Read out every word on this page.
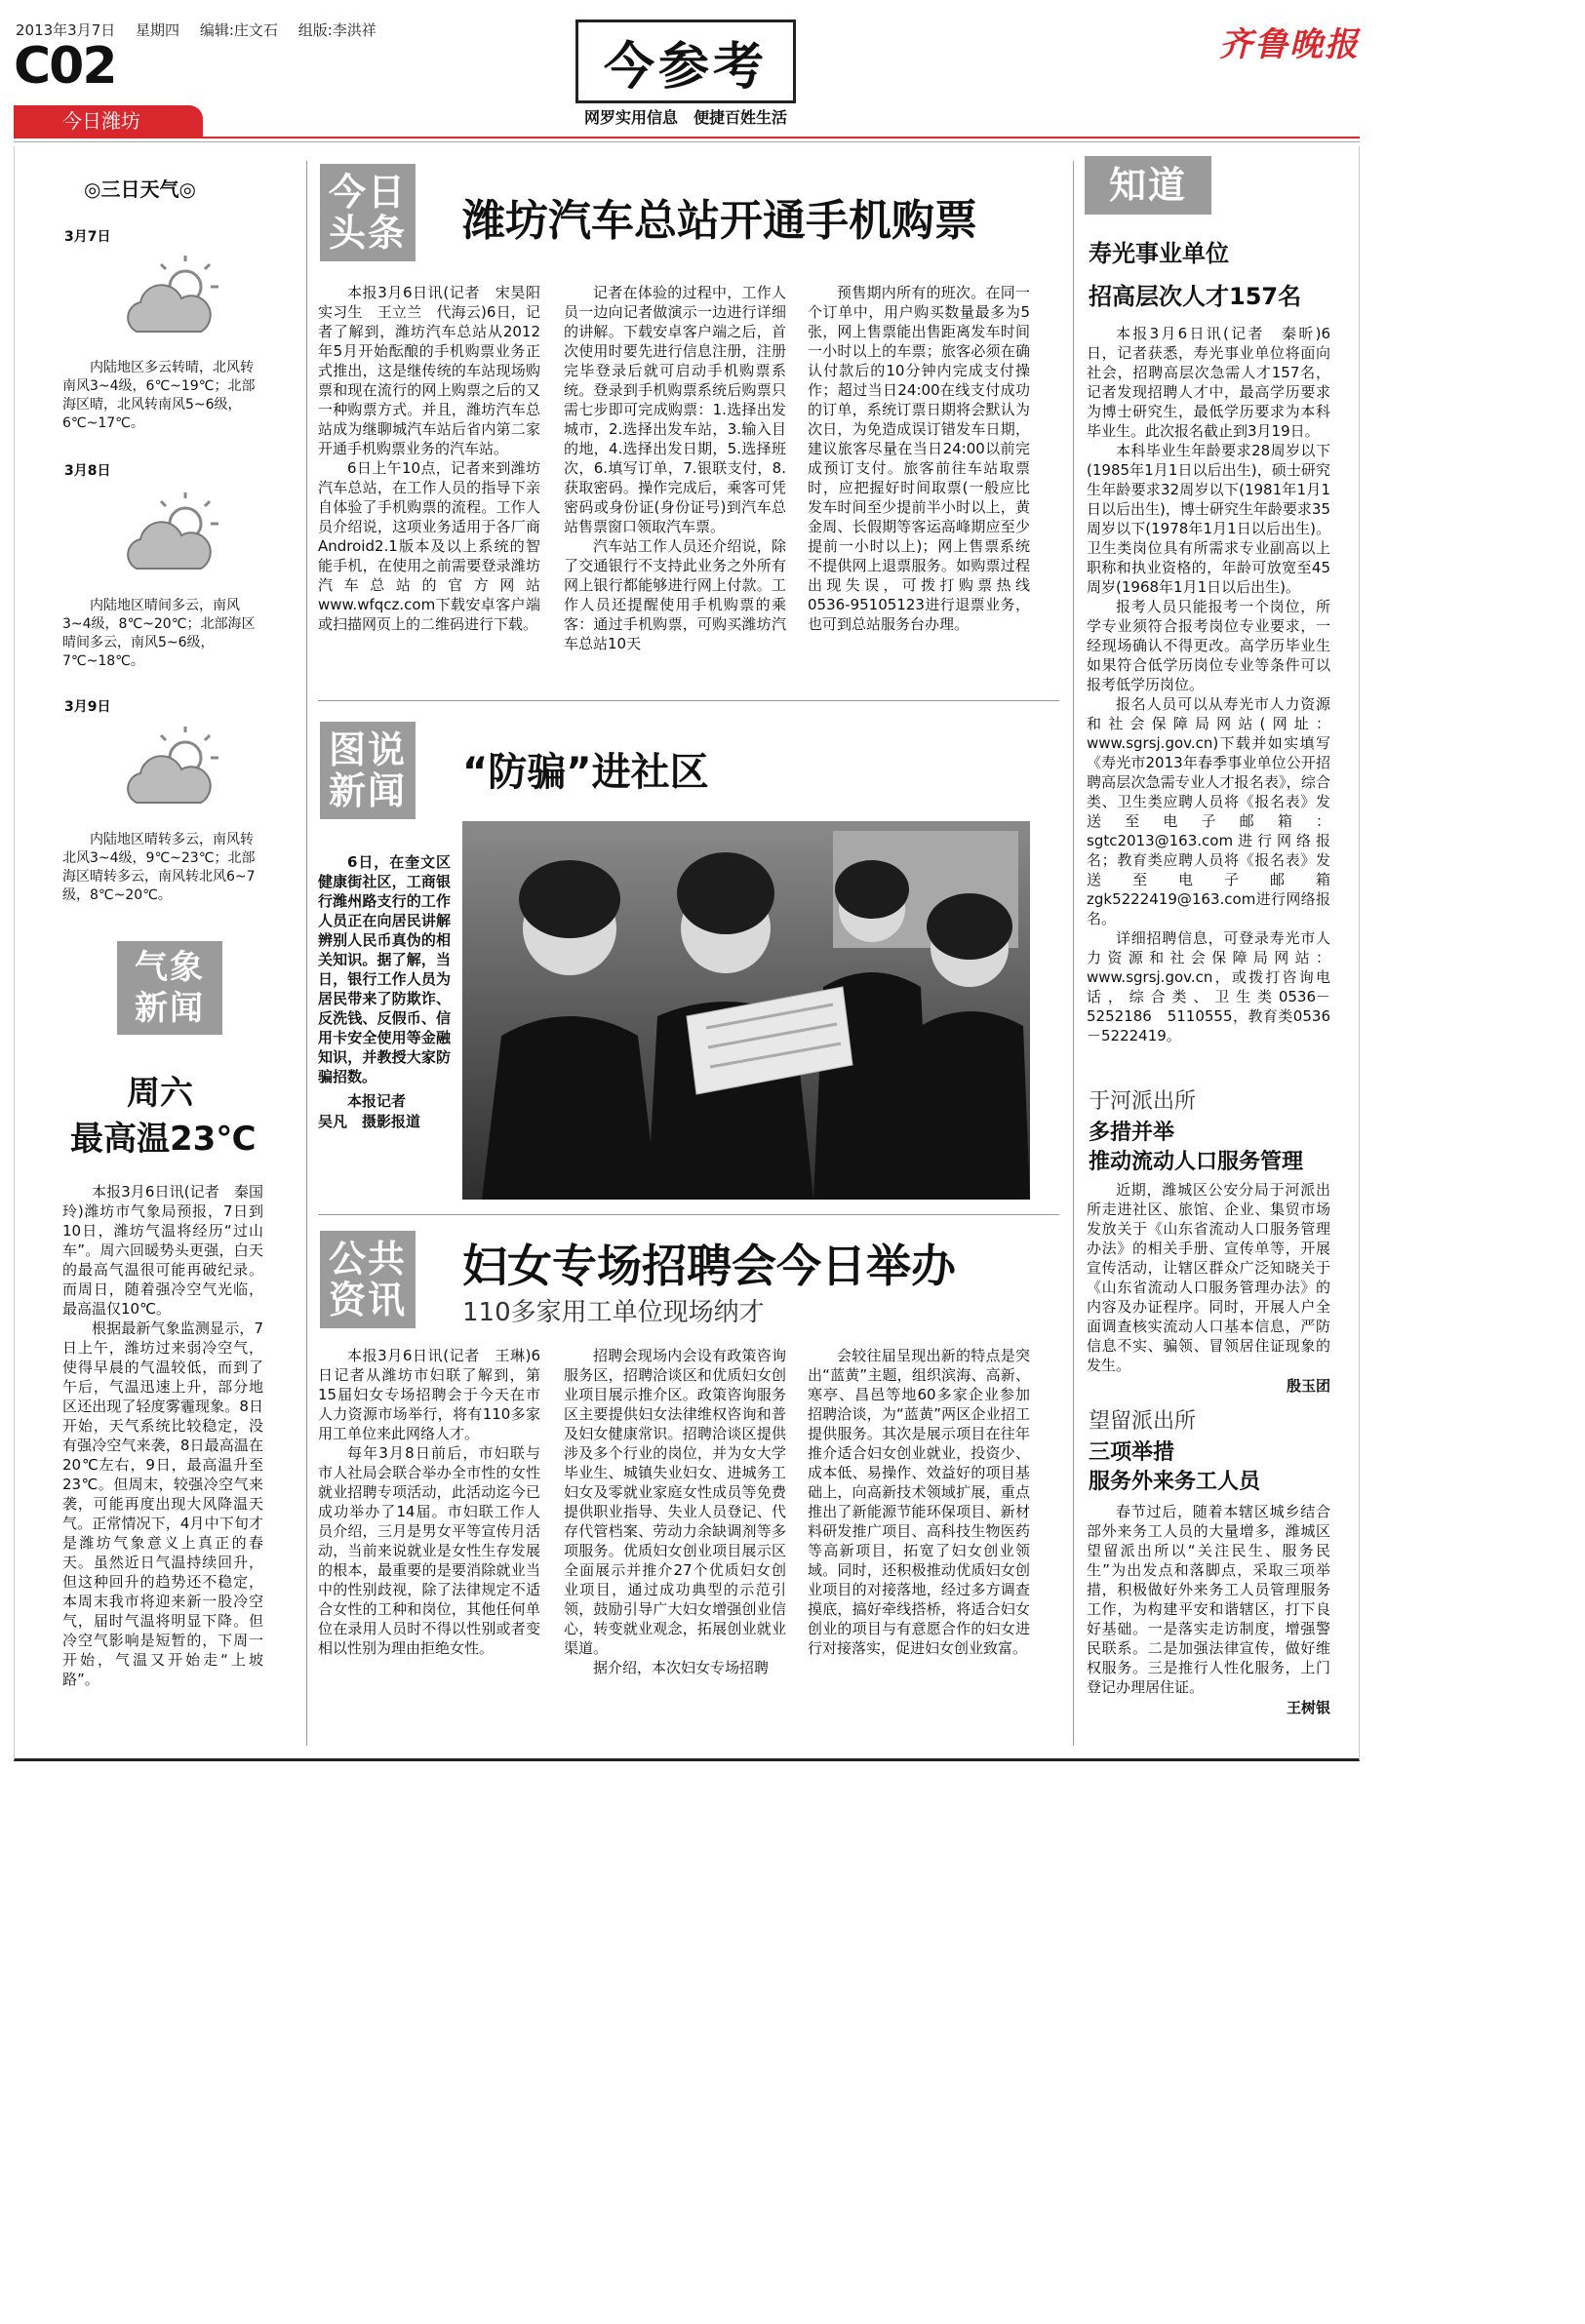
2013年3月7日 星期四 编辑:庄文石 组版:李洪祥
C02
今日潍坊
今参考
网罗实用信息　便捷百姓生活
齐鲁晚报
◎三日天气◎
3月7日
内陆地区多云转晴，北风转南风3~4级，6℃~19℃；北部海区晴，北风转南风5~6级，6℃~17℃。
3月8日
内陆地区晴间多云，南风3~4级，8℃~20℃；北部海区晴间多云，南风5~6级，7℃~18℃。
3月9日
内陆地区晴转多云，南风转北风3~4级，9℃~23℃；北部海区晴转多云，南风转北风6~7级，8℃~20℃。
气象新闻
周六
最高温23℃

本报3月6日讯(记者　秦国玲)潍坊市气象局预报，7日到10日，潍坊气温将经历“过山车”。周六回暖势头更强，白天的最高气温很可能再破纪录。而周日，随着强冷空气光临，最高温仅10℃。

根据最新气象监测显示，7日上午，潍坊过来弱冷空气，使得早晨的气温较低，而到了午后，气温迅速上升，部分地区还出现了轻度雾霾现象。8日开始，天气系统比较稳定，没有强冷空气来袭，8日最高温在20℃左右，9日，最高温升至23℃。但周末，较强冷空气来袭，可能再度出现大风降温天气。正常情况下，4月中下旬才是潍坊气象意义上真正的春天。虽然近日气温持续回升，但这种回升的趋势还不稳定，本周末我市将迎来新一股冷空气，届时气温将明显下降。但冷空气影响是短暂的，下周一开始，气温又开始走“上坡路”。

今日头条 潍坊汽车总站开通手机购票

本报3月6日讯(记者　宋昊阳　实习生　王立兰　代海云)6日，记者了解到，潍坊汽车总站从2012年5月开始酝酿的手机购票业务正式推出，这是继传统的车站现场购票和现在流行的网上购票之后的又一种购票方式。并且，潍坊汽车总站成为继聊城汽车站后省内第二家开通手机购票业务的汽车站。

6日上午10点，记者来到潍坊汽车总站，在工作人员的指导下亲自体验了手机购票的流程。工作人员介绍说，这项业务适用于各厂商Android2.1版本及以上系统的智能手机，在使用之前需要登录潍坊汽车总站的官方网站www.wfqcz.com下载安卓客户端或扫描网页上的二维码进行下载。

记者在体验的过程中，工作人员一边向记者做演示一边进行详细的讲解。下载安卓客户端之后，首次使用时要先进行信息注册，注册完毕登录后就可启动手机购票系统。登录到手机购票系统后购票只需七步即可完成购票：1.选择出发城市，2.选择出发车站，3.输入目的地，4.选择出发日期，5.选择班次，6.填写订单，7.银联支付，8.获取密码。操作完成后，乘客可凭密码或身份证(身份证号)到汽车总站售票窗口领取汽车票。

汽车站工作人员还介绍说，除了交通银行不支持此业务之外所有网上银行都能够进行网上付款。工作人员还提醒使用手机购票的乘客：通过手机购票，可购买潍坊汽车总站10天

预售期内所有的班次。在同一个订单中，用户购买数量最多为5张，网上售票能出售距离发车时间一小时以上的车票；旅客必须在确认付款后的10分钟内完成支付操作；超过当日24:00在线支付成功的订单，系统订票日期将会默认为次日，为免造成误订错发车日期，建议旅客尽量在当日24:00以前完成预订支付。旅客前往车站取票时，应把握好时间取票(一般应比发车时间至少提前半小时以上，黄金周、长假期等客运高峰期应至少提前一小时以上)；网上售票系统不提供网上退票服务。如购票过程出现失误，可拨打购票热线　0536-95105123进行退票业务，也可到总站服务台办理。

图说新闻 “防骗”进社区
6日，在奎文区健康街社区，工商银行潍州路支行的工作人员正在向居民讲解辨别人民币真伪的相关知识。据了解，当日，银行工作人员为居民带来了防欺诈、反洗钱、反假币、信用卡安全使用等金融知识，并教授大家防骗招数。
本报记者
吴凡　摄影报道
公共资讯
妇女专场招聘会今日举办
110多家用工单位现场纳才

本报3月6日讯(记者　王琳)6日记者从潍坊市妇联了解到，第15届妇女专场招聘会于今天在市人力资源市场举行，将有110多家用工单位来此网络人才。

每年3月8日前后，市妇联与市人社局会联合举办全市性的女性就业招聘专项活动，此活动迄今已成功举办了14届。市妇联工作人员介绍，三月是男女平等宣传月活动，当前来说就业是女性生存发展的根本，最重要的是要消除就业当中的性别歧视，除了法律规定不适合女性的工种和岗位，其他任何单位在录用人员时不得以性别或者变相以性别为理由拒绝女性。

招聘会现场内会设有政策咨询服务区，招聘洽谈区和优质妇女创业项目展示推介区。政策咨询服务区主要提供妇女法律维权咨询和普及妇女健康常识。招聘洽谈区提供涉及多个行业的岗位，并为女大学毕业生、城镇失业妇女、进城务工妇女及零就业家庭女性成员等免费提供职业指导、失业人员登记、代存代管档案、劳动力余缺调剂等多项服务。优质妇女创业项目展示区全面展示并推介27个优质妇女创业项目，通过成功典型的示范引领，鼓励引导广大妇女增强创业信心，转变就业观念，拓展创业就业渠道。

据介绍，本次妇女专场招聘

会较往届呈现出新的特点是突出“蓝黄”主题，组织滨海、高新、寒亭、昌邑等地60多家企业参加招聘洽谈，为“蓝黄”两区企业招工提供服务。其次是展示项目在往年推介适合妇女创业就业，投资少、成本低、易操作、效益好的项目基础上，向高新技术领域扩展，重点推出了新能源节能环保项目、新材料研发推广项目、高科技生物医药等高新项目，拓宽了妇女创业领域。同时，还积极推动优质妇女创业项目的对接落地，经过多方调查摸底，搞好牵线搭桥，将适合妇女创业的项目与有意愿合作的妇女进行对接落实，促进妇女创业致富。

知道
寿光事业单位
招高层次人才157名

本报3月6日讯(记者　秦昕)6日，记者获悉，寿光事业单位将面向社会，招聘高层次急需人才157名，记者发现招聘人才中，最高学历要求为博士研究生，最低学历要求为本科毕业生。此次报名截止到3月19日。

本科毕业生年龄要求28周岁以下(1985年1月1日以后出生)，硕士研究生年龄要求32周岁以下(1981年1月1日以后出生)，博士研究生年龄要求35周岁以下(1978年1月1日以后出生)。卫生类岗位具有所需求专业副高以上职称和执业资格的，年龄可放宽至45周岁(1968年1月1日以后出生)。

报考人员只能报考一个岗位，所学专业须符合报考岗位专业要求，一经现场确认不得更改。高学历毕业生如果符合低学历岗位专业等条件可以报考低学历岗位。

报名人员可以从寿光市人力资源和社会保障局网站(网址：www.sgrsj.gov.cn)下载并如实填写《寿光市2013年春季事业单位公开招聘高层次急需专业人才报名表》，综合类、卫生类应聘人员将《报名表》发送至电子邮箱：sgtc2013@163.com进行网络报名；教育类应聘人员将《报名表》发送至电子邮箱zgk5222419@163.com进行网络报名。

详细招聘信息，可登录寿光市人力资源和社会保障局网站：www.sgrsj.gov.cn，或拨打咨询电话，综合类、卫生类0536－5252186　5110555，教育类0536－5222419。

于河派出所
多措并举
推动流动人口服务管理

近期，潍城区公安分局于河派出所走进社区、旅馆、企业、集贸市场发放关于《山东省流动人口服务管理办法》的相关手册、宣传单等，开展宣传活动，让辖区群众广泛知晓关于《山东省流动人口服务管理办法》的内容及办证程序。同时，开展人户全面调查核实流动人口基本信息，严防信息不实、骗领、冒领居住证现象的发生。

殷玉团
望留派出所
三项举措
服务外来务工人员

春节过后，随着本辖区城乡结合部外来务工人员的大量增多，潍城区望留派出所以“关注民生、服务民生”为出发点和落脚点，采取三项举措，积极做好外来务工人员管理服务工作，为构建平安和谐辖区，打下良好基础。一是落实走访制度，增强警民联系。二是加强法律宣传，做好维权服务。三是推行人性化服务，上门登记办理居住证。

王树银
